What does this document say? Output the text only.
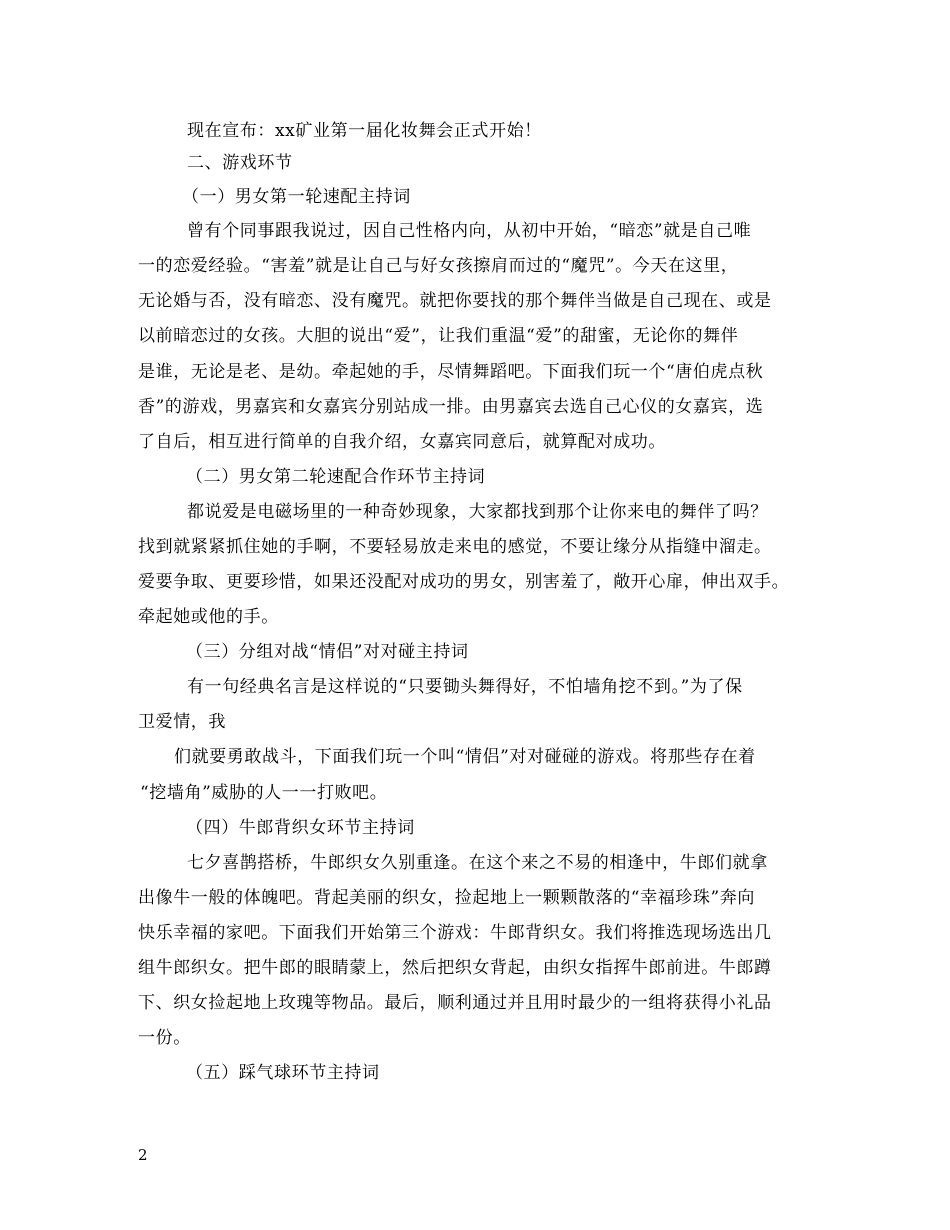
现在宣布：xx矿业第一届化妆舞会正式开始！
二、游戏环节
（一）男女第一轮速配主持词
曾有个同事跟我说过，因自己性格内向，从初中开始，“暗恋”就是自己唯
一的恋爱经验。“害羞”就是让自己与好女孩擦肩而过的“魔咒”。今天在这里，
无论婚与否，没有暗恋、没有魔咒。就把你要找的那个舞伴当做是自己现在、或是
以前暗恋过的女孩。大胆的说出“爱”，让我们重温“爱”的甜蜜，无论你的舞伴
是谁，无论是老、是幼。牵起她的手，尽情舞蹈吧。下面我们玩一个“唐伯虎点秋
香”的游戏，男嘉宾和女嘉宾分别站成一排。由男嘉宾去选自己心仪的女嘉宾，选
了自后，相互进行简单的自我介绍，女嘉宾同意后，就算配对成功。
（二）男女第二轮速配合作环节主持词
都说爱是电磁场里的一种奇妙现象，大家都找到那个让你来电的舞伴了吗？
找到就紧紧抓住她的手啊，不要轻易放走来电的感觉，不要让缘分从指缝中溜走。
爱要争取、更要珍惜，如果还没配对成功的男女，别害羞了，敞开心扉，伸出双手。
牵起她或他的手。
（三）分组对战“情侣”对对碰主持词
有一句经典名言是这样说的“只要锄头舞得好，不怕墙角挖不到。”为了保
卫爱情，我
们就要勇敢战斗，下面我们玩一个叫“情侣”对对碰碰的游戏。将那些存在着
“挖墙角”威胁的人一一打败吧。
（四）牛郎背织女环节主持词
七夕喜鹊搭桥，牛郎织女久别重逢。在这个来之不易的相逢中，牛郎们就拿
出像牛一般的体魄吧。背起美丽的织女，捡起地上一颗颗散落的“幸福珍珠”奔向
快乐幸福的家吧。下面我们开始第三个游戏：牛郎背织女。我们将推选现场选出几
组牛郎织女。把牛郎的眼睛蒙上，然后把织女背起，由织女指挥牛郎前进。牛郎蹲
下、织女捡起地上玫瑰等物品。最后，顺利通过并且用时最少的一组将获得小礼品
一份。
（五）踩气球环节主持词
2
